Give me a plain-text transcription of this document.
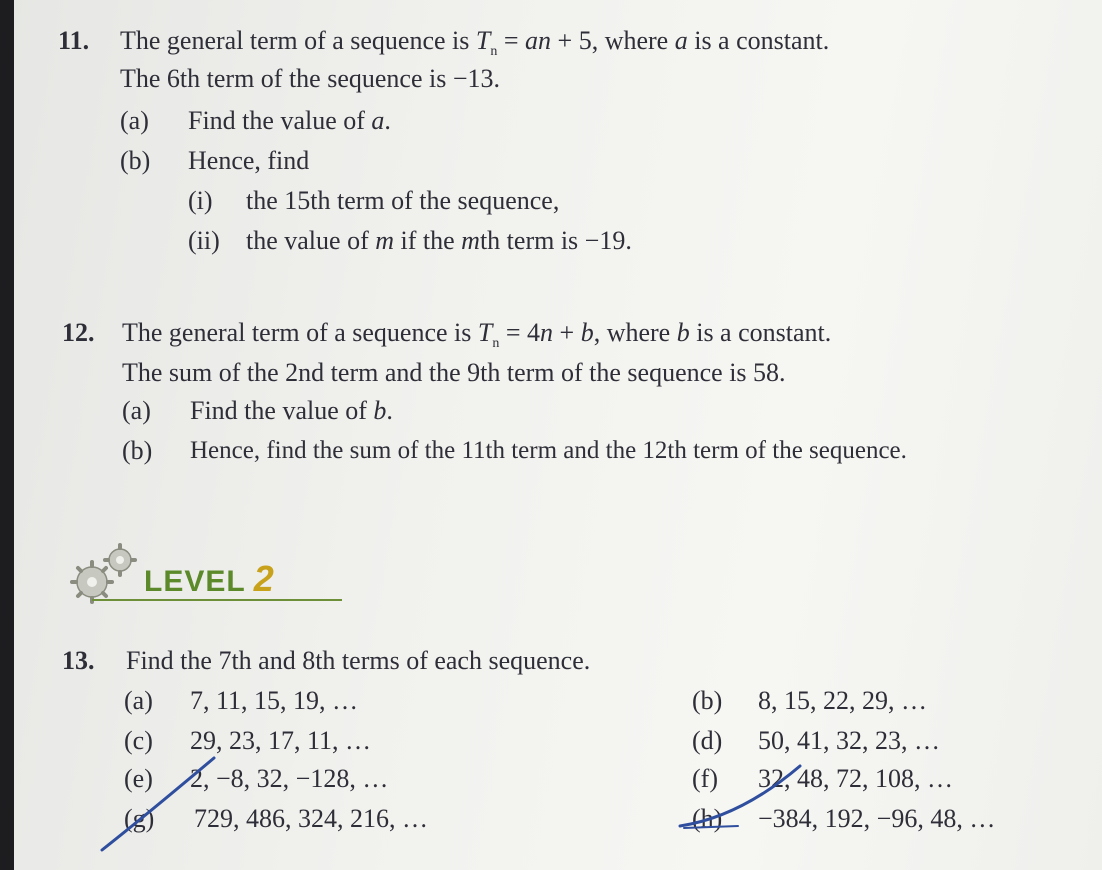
11. The general term of a sequence is $T_n$ = an + 5, where a is a constant.
The 6th term of the sequence is −13.
(a) Find the value of a.
(b) Hence, find
(i) the 15th term of the sequence,
(ii) the value of m if the mth term is −19.
12. The general term of a sequence is $T_n = 4n + b$, where b is a constant.
The sum of the 2nd term and the 9th term of the sequence is 58.
(a) Find the value of b.
(b) Hence, find the sum of the 11th term and the 12th term of the sequence.
LEVEL 2
13. Find the 7th and 8th terms of each sequence.
(a) 7, 11, 15, 19, …	(b) 8, 15, 22, 29, …
(c) 29, 23, 17, 11, …	(d) 50, 41, 32, 23, …
(e) 2, −8, 32, −128, …	(f) 32, 48, 72, 108, …
(g) 729, 486, 324, 216, …	(h) −384, 192, −96, 48, …
